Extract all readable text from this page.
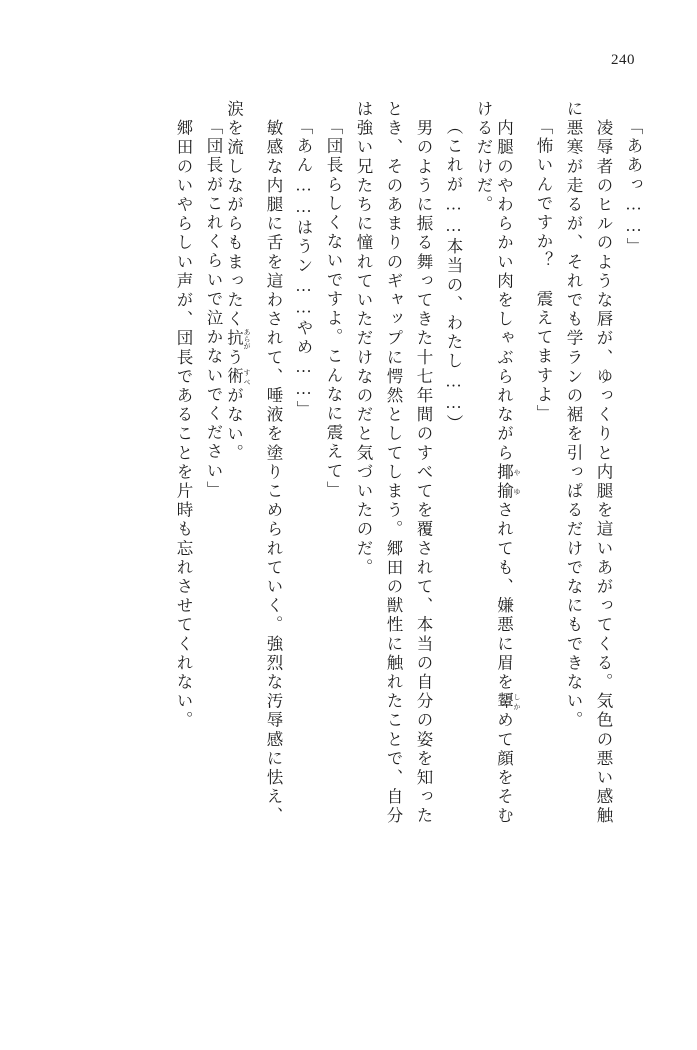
240
「ああっ……」
　凌辱者のヒルのような唇が、ゆっくりと内腿を這いあがってくる。気色の悪い感触
に悪寒が走るが、それでも学ランの裾を引っぱるだけでなにもできない。
「怖いんですか？　震えてますよ」
　内腿のやわらかい肉をしゃぶられながら揶揄 やゆされても、嫌悪に眉を顰 しかめて顔をそむ
けるだけだ。
（これが……本当の、わたし……）
　男のように振る舞ってきた十七年間のすべてを覆されて、本当の自分の姿を知った
とき、そのあまりのギャップに愕然としてしまう。郷田の獣性に触れたことで、自分
は強い兄たちに憧れていただけなのだと気づいたのだ。
「団長らしくないですよ。こんなに震えて」
「あん……はうン……やめ……」
　敏感な内腿に舌を這わされて、唾液を塗りこめられていく。強烈な汚辱感に怯え、
涙を流しながらもまったく抗 あらがう術 すべがない。
「団長がこれくらいで泣かないでください」
　郷田のいやらしい声が、団長であることを片時も忘れさせてくれない。
